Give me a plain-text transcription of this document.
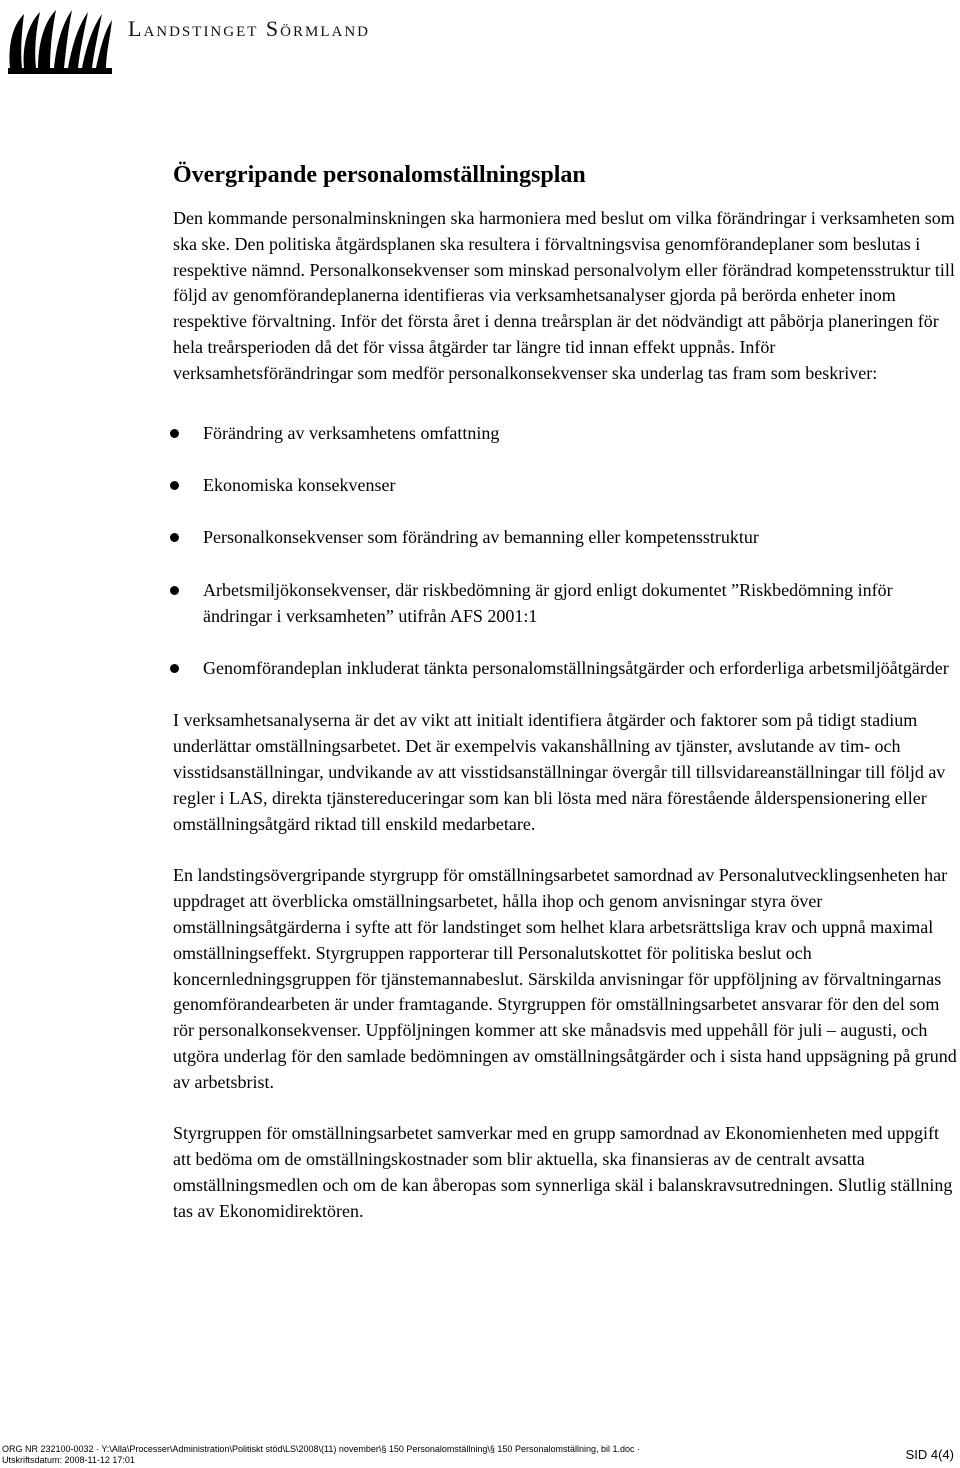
Landstinget Sörmland
Övergripande personalomställningsplan

Den kommande personalminskningen ska harmoniera med beslut om vilka förändringar i verksamheten som ska ske. Den politiska åtgärdsplanen ska resultera i förvaltningsvisa genomförandeplaner som beslutas i respektive nämnd. Personalkonsekvenser som minskad personalvolym eller förändrad kompetensstruktur till följd av genomförandeplanerna identifieras via verksamhetsanalyser gjorda på berörda enheter inom respektive förvaltning. Inför det första året i denna treårsplan är det nödvändigt att påbörja planeringen för hela treårsperioden då det för vissa åtgärder tar längre tid innan effekt uppnås. Inför verksamhetsförändringar som medför personalkonsekvenser ska underlag tas fram som beskriver:

Förändring av verksamhetens omfattning
Ekonomiska konsekvenser
Personalkonsekvenser som förändring av bemanning eller kompetensstruktur
Arbetsmiljökonsekvenser, där riskbedömning är gjord enligt dokumentet ”Riskbedömning inför ändringar i verksamheten” utifrån AFS 2001:1
Genomförandeplan inkluderat tänkta personalomställningsåtgärder och erforderliga arbetsmiljöåtgärder

I verksamhetsanalyserna är det av vikt att initialt identifiera åtgärder och faktorer som på tidigt stadium underlättar omställningsarbetet. Det är exempelvis vakanshållning av tjänster, avslutande av tim- och visstidsanställningar, undvikande av att visstidsanställningar övergår till tillsvidareanställningar till följd av regler i LAS, direkta tjänstereduceringar som kan bli lösta med nära förestående ålderspensionering eller omställningsåtgärd riktad till enskild medarbetare.

En landstingsövergripande styrgrupp för omställningsarbetet samordnad av Personalutvecklingsenheten har uppdraget att överblicka omställningsarbetet, hålla ihop och genom anvisningar styra över omställningsåtgärderna i syfte att för landstinget som helhet klara arbetsrättsliga krav och uppnå maximal omställningseffekt. Styrgruppen rapporterar till Personalutskottet för politiska beslut och koncernledningsgruppen för tjänstemannabeslut. Särskilda anvisningar för uppföljning av förvaltningarnas genomförandearbeten är under framtagande. Styrgruppen för omställningsarbetet ansvarar för den del som rör personalkonsekvenser. Uppföljningen kommer att ske månadsvis med uppehåll för juli – augusti, och utgöra underlag för den samlade bedömningen av omställningsåtgärder och i sista hand uppsägning på grund av arbetsbrist.

Styrgruppen för omställningsarbetet samverkar med en grupp samordnad av Ekonomienheten med uppgift att bedöma om de omställningskostnader som blir aktuella, ska finansieras av de centralt avsatta omställningsmedlen och om de kan åberopas som synnerliga skäl i balanskravsutredningen. Slutlig ställning tas av Ekonomidirektören.

ORG NR 232100-0032 · Y:\Alla\Processer\Administration\Politiskt stöd\LS\2008\(11) november\§ 150 Personalomställning\§ 150 Personalomställning, bil 1.doc ·
Utskriftsdatum: 2008-11-12 17:01	SID 4(4)
